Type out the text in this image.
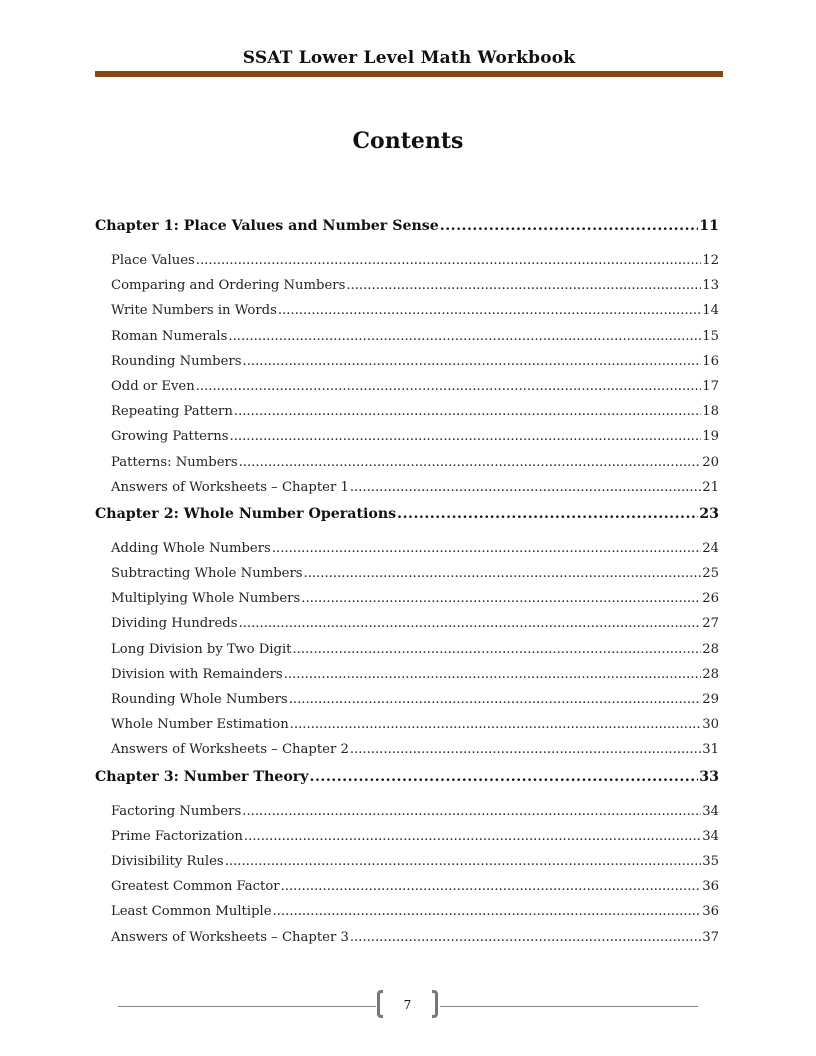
SSAT Lower Level Math Workbook
Contents
Chapter 1: Place Values and Number Sense .....	11
Place Values .....	12
Comparing and Ordering Numbers .....	13
Write Numbers in Words .....	14
Roman Numerals .....	15
Rounding Numbers .....	16
Odd or Even .....	17
Repeating Pattern .....	18
Growing Patterns .....	19
Patterns: Numbers .....	20
Answers of Worksheets – Chapter 1 .....	21
Chapter 2: Whole Number Operations .....	23
Adding Whole Numbers .....	24
Subtracting Whole Numbers .....	25
Multiplying Whole Numbers .....	26
Dividing Hundreds .....	27
Long Division by Two Digit .....	28
Division with Remainders .....	28
Rounding Whole Numbers .....	29
Whole Number Estimation .....	30
Answers of Worksheets – Chapter 2 .....	31
Chapter 3: Number Theory .....	33
Factoring Numbers .....	34
Prime Factorization .....	34
Divisibility Rules .....	35
Greatest Common Factor .....	36
Least Common Multiple .....	36
Answers of Worksheets – Chapter 3 .....	37
7
